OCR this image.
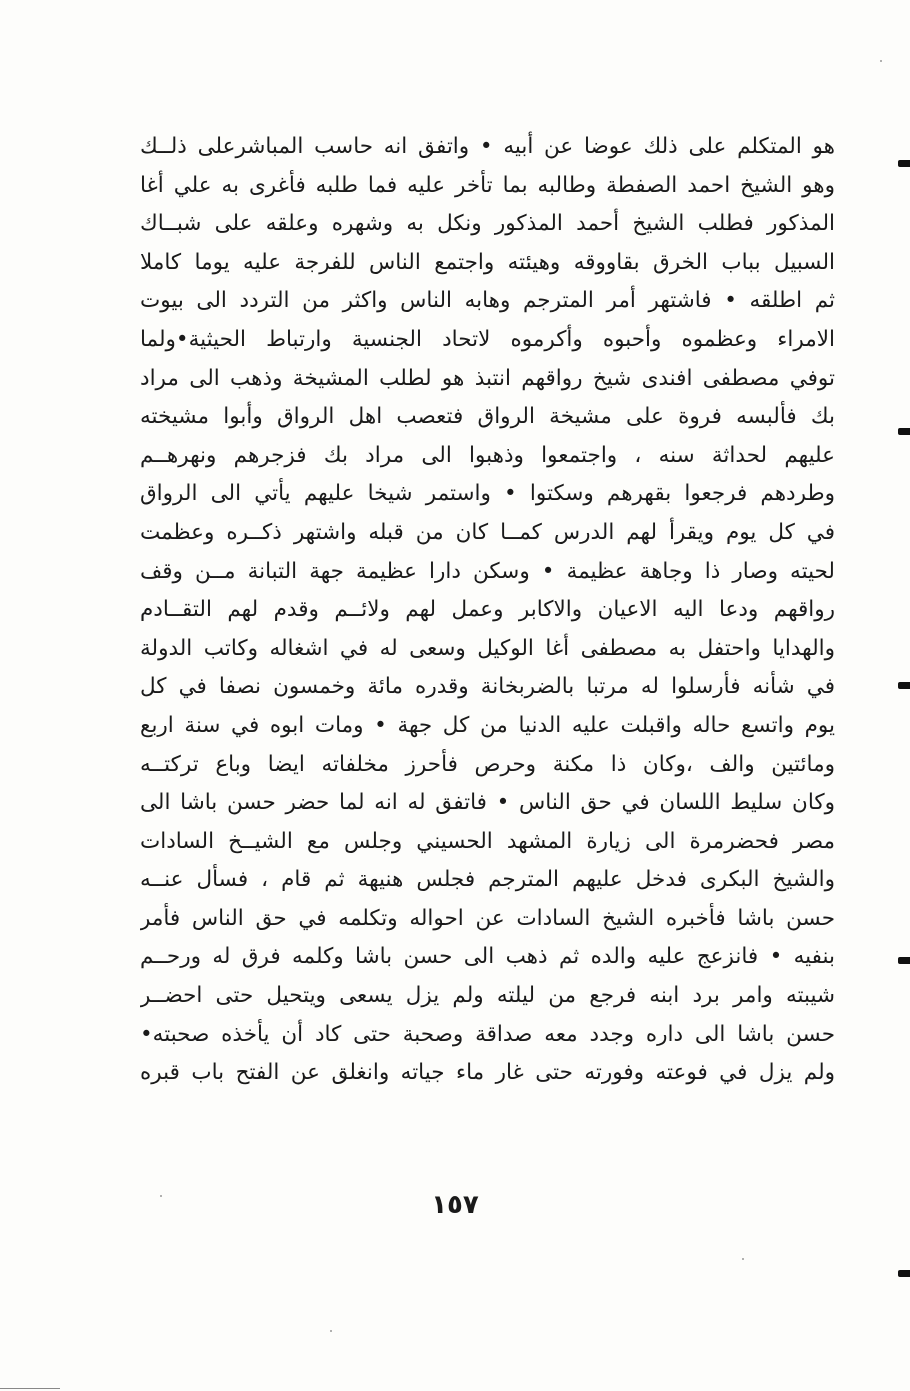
هو المتكلم على ذلك عوضا عن أبيه • واتفق انه حاسب المباشرعلى ذلــك
وهو الشيخ احمد الصفطة وطالبه بما تأخر عليه فما طلبه فأغرى به علي أغا
المذكور فطلب الشيخ أحمد المذكور ونكل به وشهره وعلقه على شبــاك
السبيل بباب الخرق بقاووقه وهيئته واجتمع الناس للفرجة عليه يوما كاملا
ثم اطلقه • فاشتهر أمر المترجم وهابه الناس واكثر من التردد الى بيوت
الامراء وعظموه وأحبوه وأكرموه لاتحاد الجنسية وارتباط الحيثية•ولما
توفي مصطفى افندى شيخ رواقهم انتبذ هو لطلب المشيخة وذهب الى مراد
بك فألبسه فروة على مشيخة الرواق فتعصب اهل الرواق وأبوا مشيخته
عليهم لحداثة سنه ، واجتمعوا وذهبوا الى مراد بك فزجرهم ونهرهــم
وطردهم فرجعوا بقهرهم وسكتوا • واستمر شيخا عليهم يأتي الى الرواق
في كل يوم ويقرأ لهم الدرس كمــا كان من قبله واشتهر ذكــره وعظمت
لحيته وصار ذا وجاهة عظيمة • وسكن دارا عظيمة جهة التبانة مــن وقف
رواقهم ودعا اليه الاعيان والاكابر وعمل لهم ولائــم وقدم لهم التقــادم
والهدايا واحتفل به مصطفى أغا الوكيل وسعى له في اشغاله وكاتب الدولة
في شأنه فأرسلوا له مرتبا بالضربخانة وقدره مائة وخمسون نصفا في كل
يوم واتسع حاله واقبلت عليه الدنيا من كل جهة • ومات ابوه في سنة اربع
ومائتين والف ،وكان ذا مكنة وحرص فأحرز مخلفاته ايضا وباع تركتــه
وكان سليط اللسان في حق الناس • فاتفق له انه لما حضر حسن باشا الى
مصر فحضرمرة الى زيارة المشهد الحسيني وجلس مع الشيــخ السادات
والشيخ البكرى فدخل عليهم المترجم فجلس هنيهة ثم قام ، فسأل عنــه
حسن باشا فأخبره الشيخ السادات عن احواله وتكلمه في حق الناس فأمر
بنفيه • فانزعج عليه والده ثم ذهب الى حسن باشا وكلمه فرق له ورحــم
شيبته وامر برد ابنه فرجع من ليلته ولم يزل يسعى ويتحيل حتى احضــر
حسن باشا الى داره وجدد معه صداقة وصحبة حتى كاد أن يأخذه صحبته•
ولم يزل في فوعته وفورته حتى غار ماء جياته وانغلق عن الفتح باب قبره
١٥٧
